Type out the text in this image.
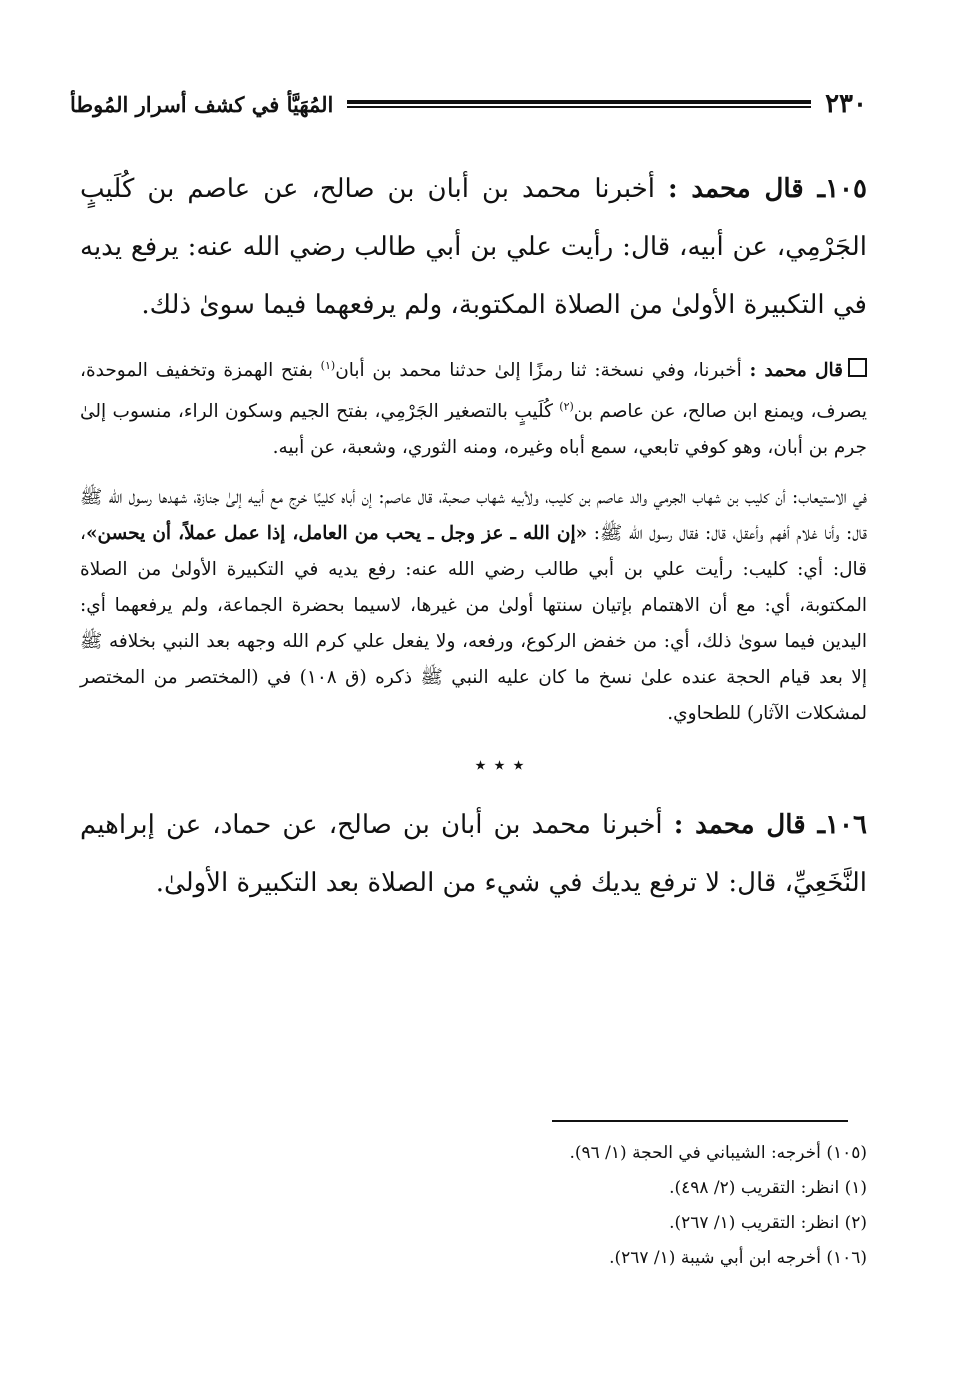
٢٣٠
المُهَيَّأ في كشف أسرار المُوطأ

١٠٥ـ قال محمد : أخبرنا محمد بن أبان بن صالح، عن عاصم بن كُلَيبٍ الجَرْمِي، عن أبيه، قال: رأيت علي بن أبي طالب رضي الله عنه: يرفع يديه في التكبيرة الأولىٰ من الصلاة المكتوبة، ولم يرفعهما فيما سوىٰ ذلك.

قال محمد : أخبرنا، وفي نسخة: ثنا رمزًا إلىٰ حدثنا محمد بن أبان$^{(١)}$ بفتح الهمزة وتخفيف الموحدة، يصرف، ويمنع ابن صالح، عن عاصم بن$^{(٢)}$ كُلَيبٍ بالتصغير الجَرْمِي، بفتح الجيم وسكون الراء، منسوب إلىٰ جرم بن أبان، وهو كوفي تابعي، سمع أباه وغيره، ومنه الثوري، وشعبة، عن أبيه.

في الاستيعاب: أن كليب بن شهاب الجرمي والد عاصم بن كليب، ولأبيه شهاب صحبة، قال عاصم: إن أباه كليبًا خرج مع أبيه إلىٰ جنازة، شهدها رسول الله ﷺ قال: وأنا غلام أفهم وأعقل، قال: فقال رسول الله ﷺ: «إن الله ـ عز وجل ـ يحب من العامل، إذا عمل عملاً، أن يحسن»، قال: أي: كليب: رأيت علي بن أبي طالب رضي الله عنه: رفع يديه في التكبيرة الأولىٰ من الصلاة المكتوبة، أي: مع أن الاهتمام بإتيان سنتها أولىٰ من غيرها، لاسيما بحضرة الجماعة، ولم يرفعهما أي: اليدين فيما سوىٰ ذلك، أي: من خفض الركوع، ورفعه، ولا يفعل علي كرم الله وجهه بعد النبي بخلافه ﷺ إلا بعد قيام الحجة عنده علىٰ نسخ ما كان عليه النبي ﷺ ذكره (ق ١٠٨) في (المختصر من المختصر لمشكلات الآثار) للطحاوي.

٭ ٭ ٭

١٠٦ـ قال محمد : أخبرنا محمد بن أبان بن صالح، عن حماد، عن إبراهيم النَّخَعِيِّ، قال: لا ترفع يديك في شيء من الصلاة بعد التكبيرة الأولىٰ.

(١٠٥) أخرجه: الشيباني في الحجة (١/ ٩٦).

(١) انظر: التقريب (٢/ ٤٩٨).

(٢) انظر: التقريب (١/ ٢٦٧).

(١٠٦) أخرجه ابن أبي شيبة (١/ ٢٦٧).
